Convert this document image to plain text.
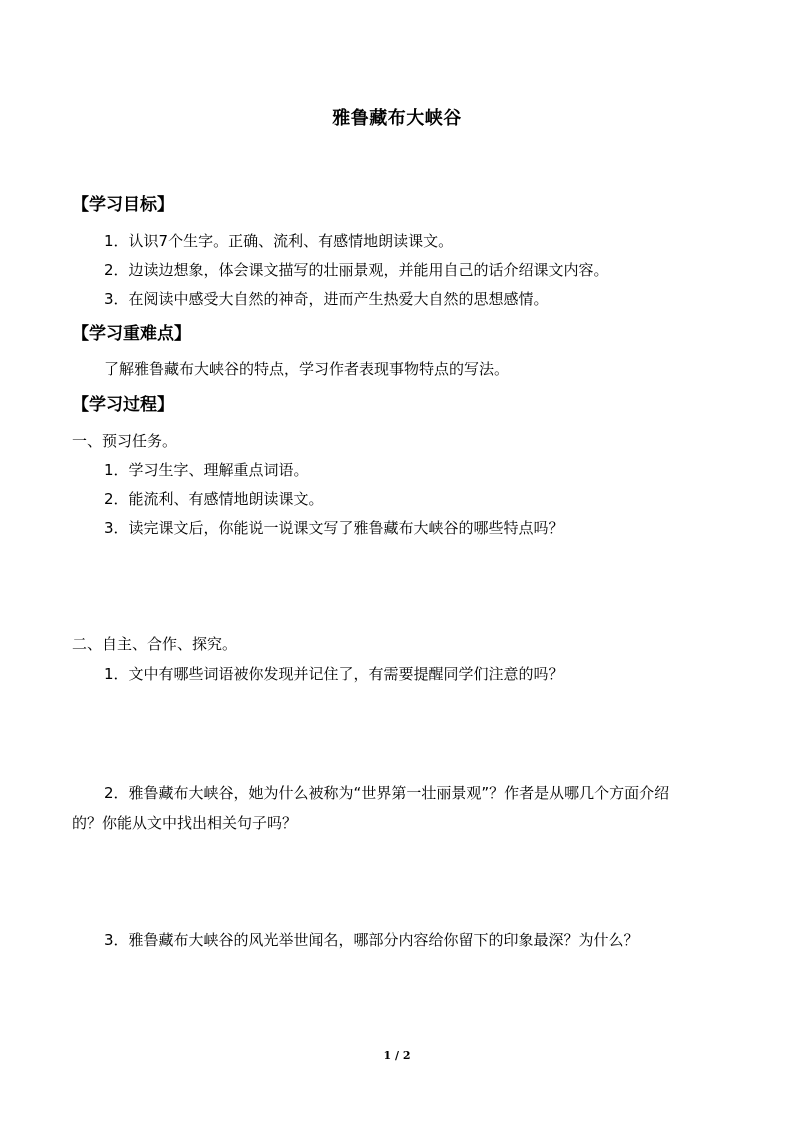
雅鲁藏布大峡谷
【学习目标】
1．认识7个生字。正确、流利、有感情地朗读课文。
2．边读边想象，体会课文描写的壮丽景观，并能用自己的话介绍课文内容。
3．在阅读中感受大自然的神奇，进而产生热爱大自然的思想感情。
【学习重难点】
了解雅鲁藏布大峡谷的特点，学习作者表现事物特点的写法。
【学习过程】
一、预习任务。
1．学习生字、理解重点词语。
2．能流利、有感情地朗读课文。
3．读完课文后，你能说一说课文写了雅鲁藏布大峡谷的哪些特点吗？
二、自主、合作、探究。
1．文中有哪些词语被你发现并记住了，有需要提醒同学们注意的吗？
2．雅鲁藏布大峡谷，她为什么被称为“世界第一壮丽景观”？作者是从哪几个方面介绍
的？你能从文中找出相关句子吗？
3．雅鲁藏布大峡谷的风光举世闻名，哪部分内容给你留下的印象最深？为什么？
1 / 2
